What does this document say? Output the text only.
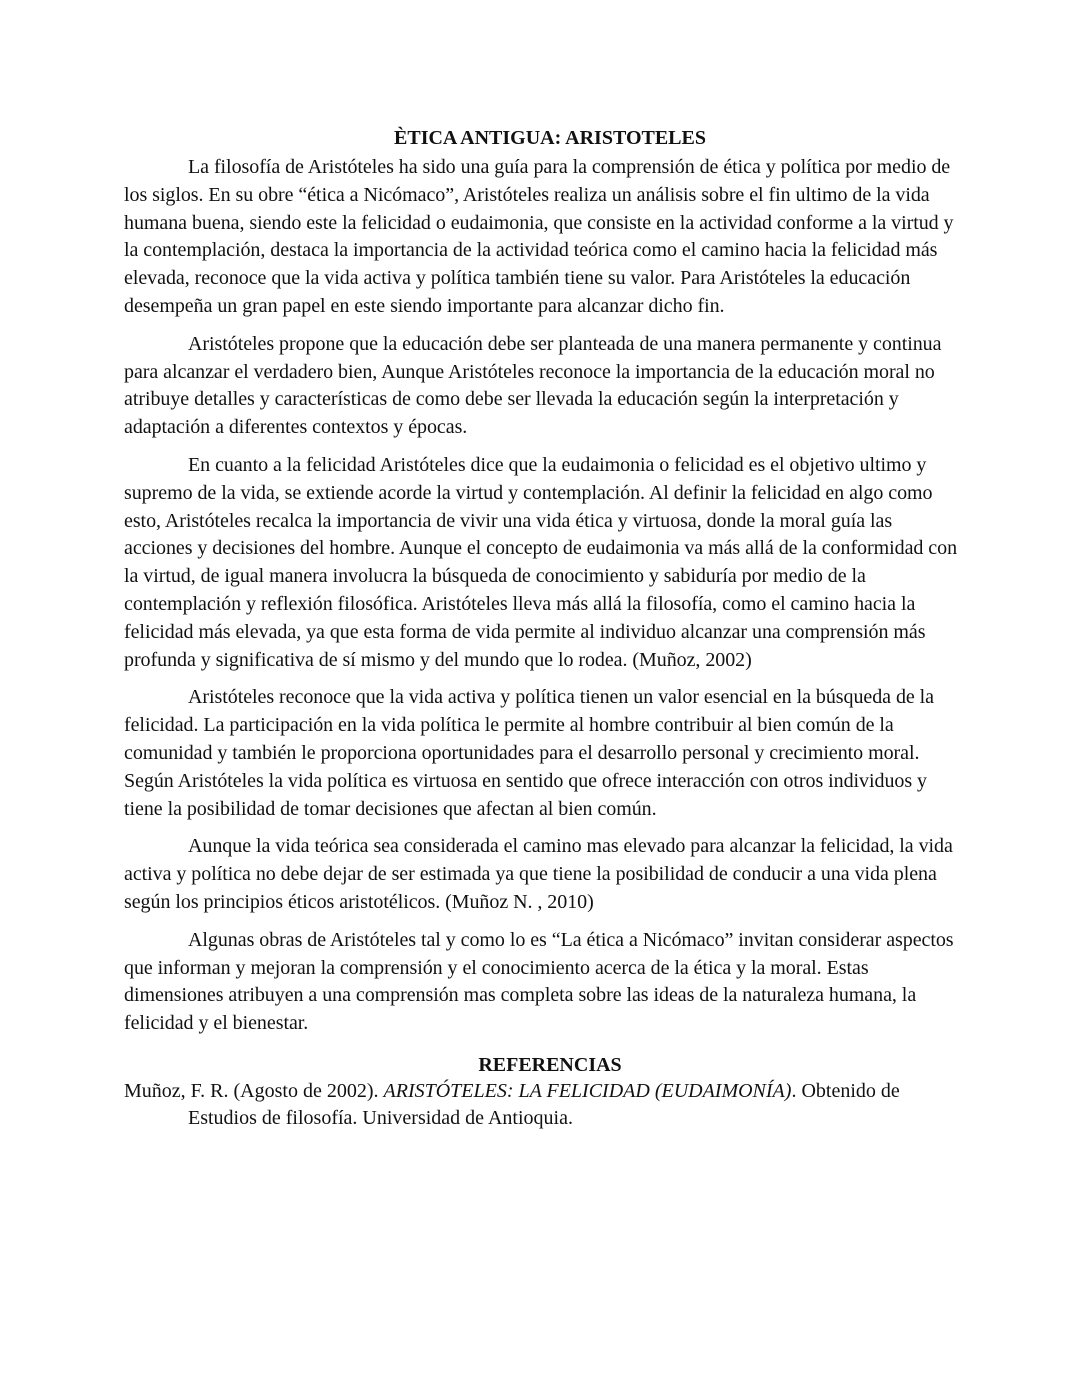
ÈTICA ANTIGUA: ARISTOTELES

La filosofía de Aristóteles ha sido una guía para la comprensión de ética y política por medio de los siglos. En su obre “ética a Nicómaco”, Aristóteles realiza un análisis sobre el fin ultimo de la vida humana buena, siendo este la felicidad o eudaimonia, que consiste en la actividad conforme a la virtud y la contemplación, destaca la importancia de la actividad teórica como el camino hacia la felicidad más elevada, reconoce que la vida activa y política también tiene su valor. Para Aristóteles la educación desempeña un gran papel en este siendo importante para alcanzar dicho fin.

Aristóteles propone que la educación debe ser planteada de una manera permanente y continua para alcanzar el verdadero bien, Aunque Aristóteles reconoce la importancia de la educación moral no atribuye detalles y características de como debe ser llevada la educación según la interpretación y adaptación a diferentes contextos y épocas.

En cuanto a la felicidad Aristóteles dice que la eudaimonia o felicidad es el objetivo ultimo y supremo de la vida, se extiende acorde la virtud y contemplación. Al definir la felicidad en algo como esto, Aristóteles recalca la importancia de vivir una vida ética y virtuosa, donde la moral guía las acciones y decisiones del hombre. Aunque el concepto de eudaimonia va más allá de la conformidad con la virtud, de igual manera involucra la búsqueda de conocimiento y sabiduría por medio de la contemplación y reflexión filosófica. Aristóteles lleva más allá la filosofía, como el camino hacia la felicidad más elevada, ya que esta forma de vida permite al individuo alcanzar una comprensión más profunda y significativa de sí mismo y del mundo que lo rodea. (Muñoz, 2002)

Aristóteles reconoce que la vida activa y política tienen un valor esencial en la búsqueda de la felicidad. La participación en la vida política le permite al hombre contribuir al bien común de la comunidad y también le proporciona oportunidades para el desarrollo personal y crecimiento moral. Según Aristóteles la vida política es virtuosa en sentido que ofrece interacción con otros individuos y tiene la posibilidad de tomar decisiones que afectan al bien común.

Aunque la vida teórica sea considerada el camino mas elevado para alcanzar la felicidad, la vida activa y política no debe dejar de ser estimada ya que tiene la posibilidad de conducir a una vida plena según los principios éticos aristotélicos. (Muñoz N. , 2010)

Algunas obras de Aristóteles tal y como lo es “La ética a Nicómaco” invitan considerar aspectos que informan y mejoran la comprensión y el conocimiento acerca de la ética y la moral. Estas dimensiones atribuyen a una comprensión mas completa sobre las ideas de la naturaleza humana, la felicidad y el bienestar.

REFERENCIAS

Muñoz, F. R. (Agosto de 2002). ARISTÓTELES: LA FELICIDAD (EUDAIMONÍA). Obtenido de Estudios de filosofía. Universidad de Antioquia.
